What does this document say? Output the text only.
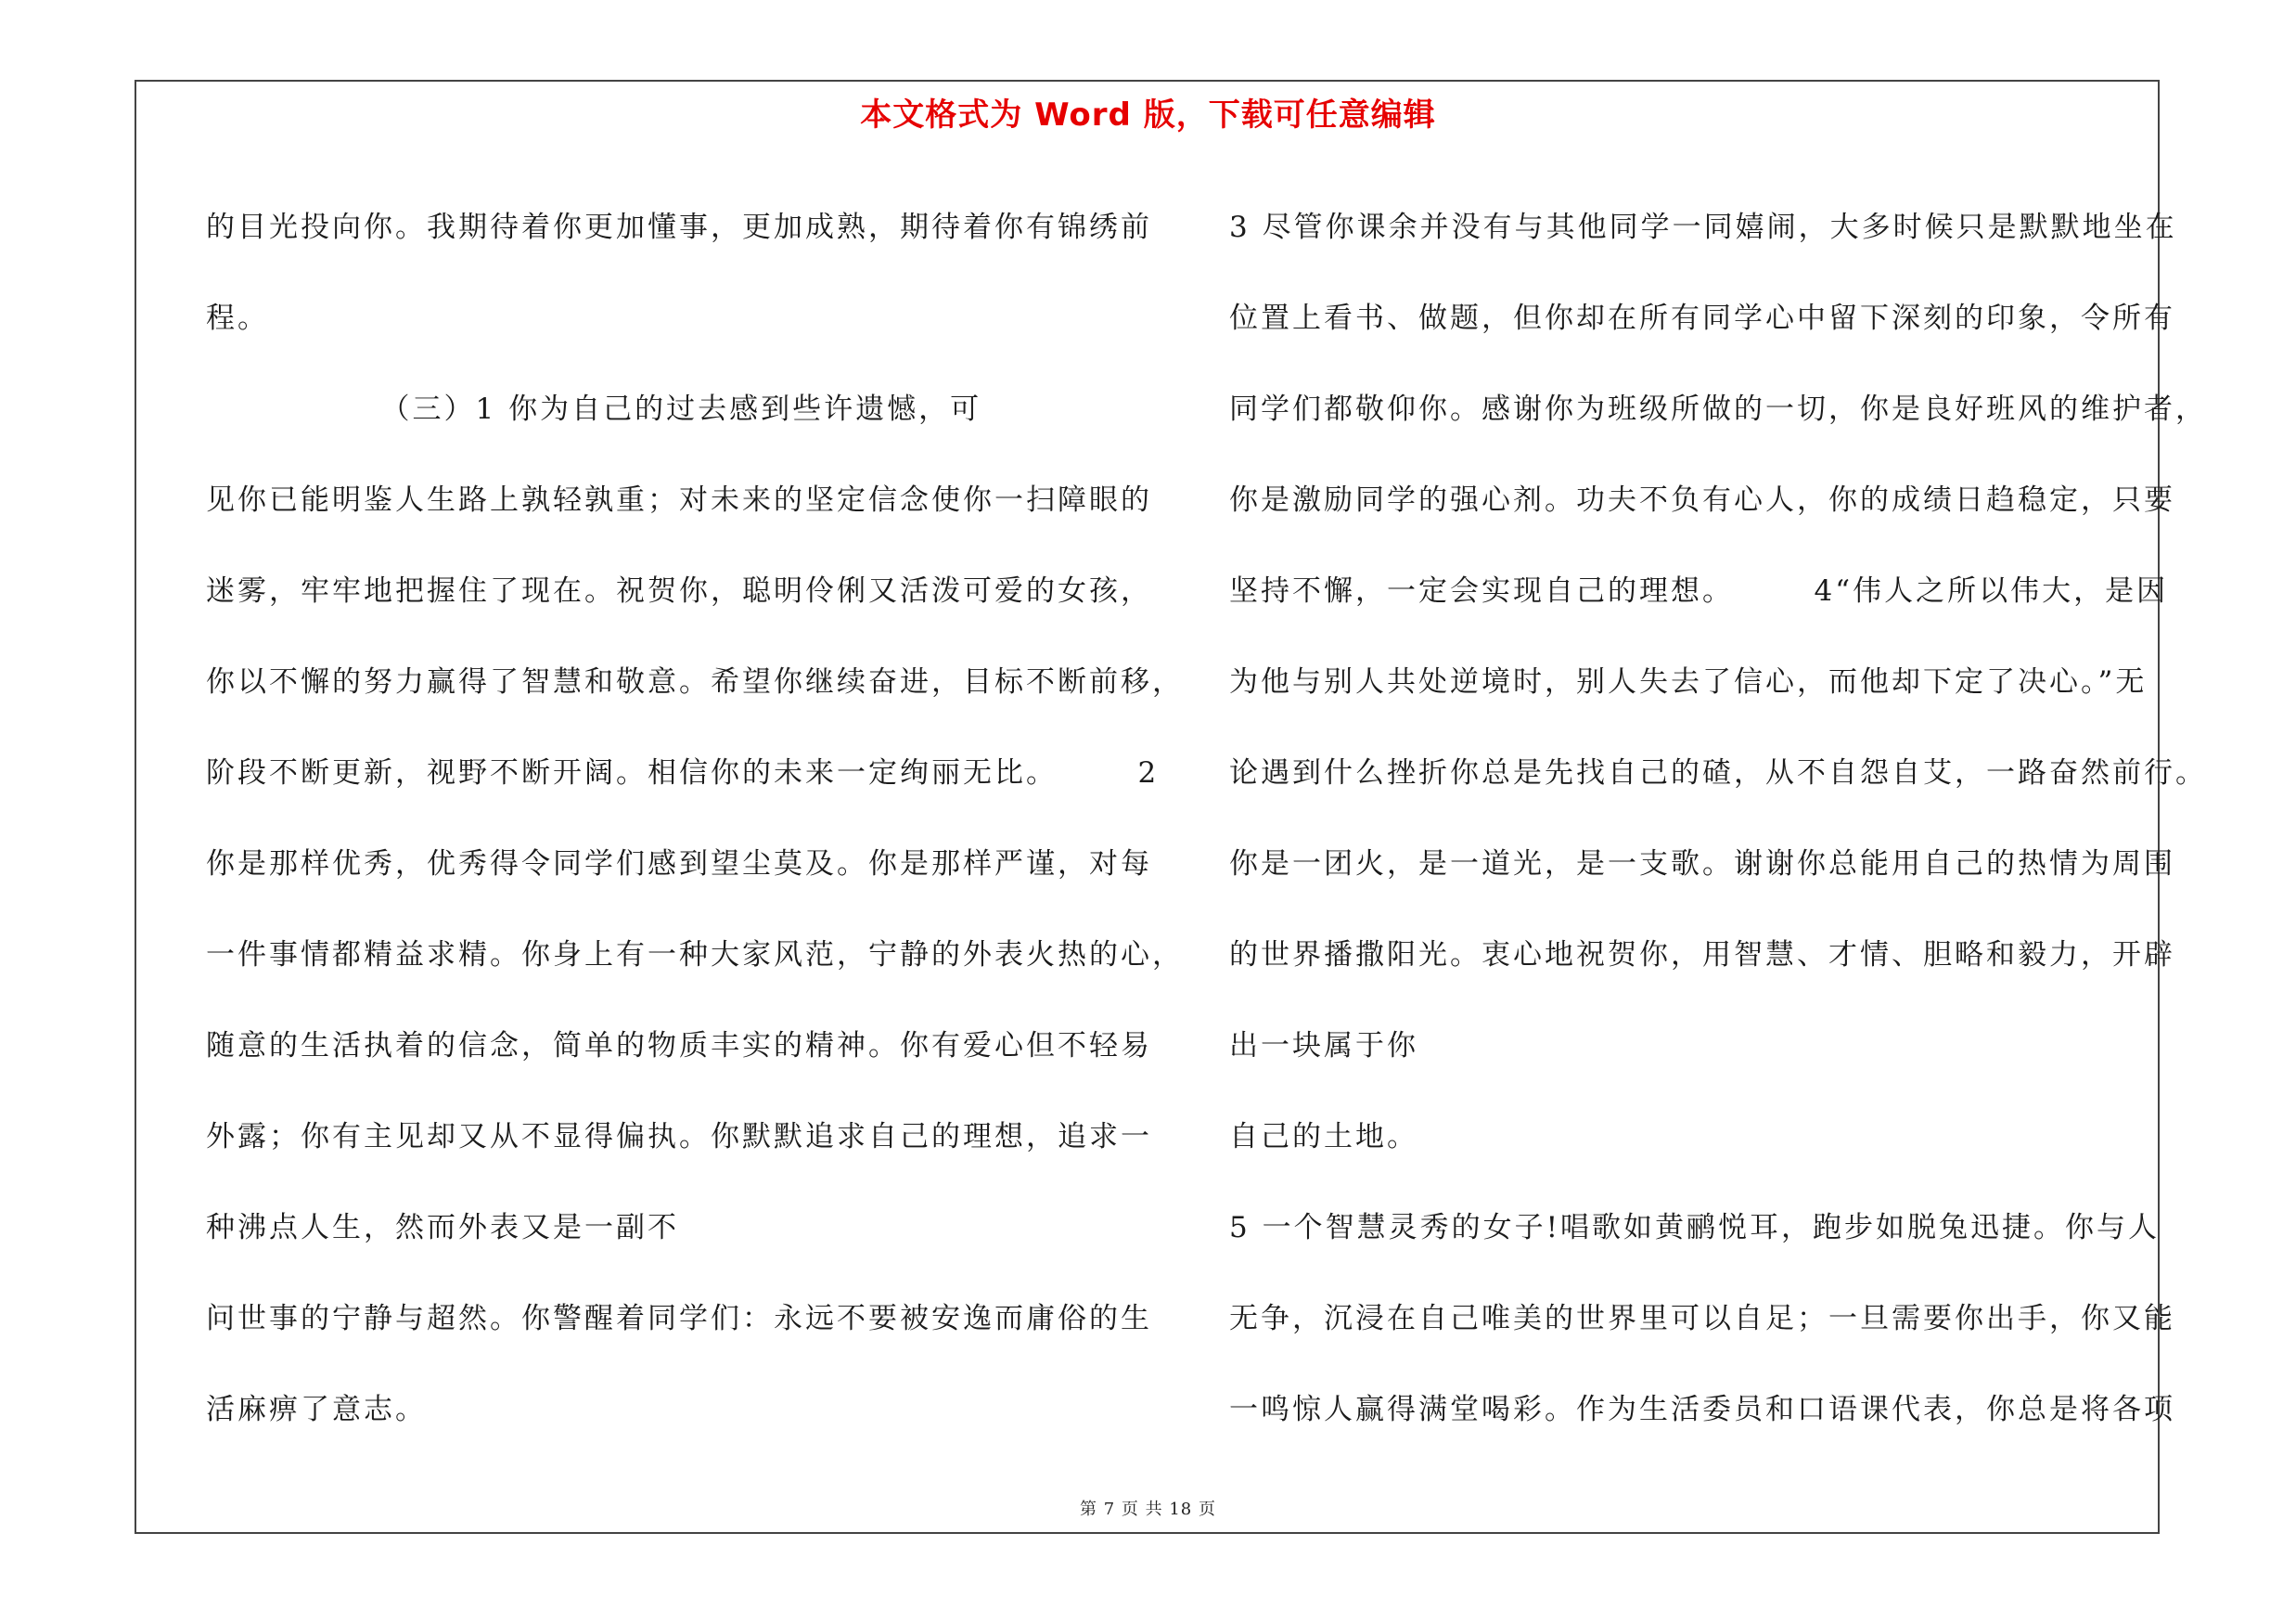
本文格式为 Word 版，下载可任意编辑
的目光投向你。我期待着你更加懂事，更加成熟，期待着你有锦绣前
程。
　　　　　　（三）1 你为自己的过去感到些许遗憾，可
见你已能明鉴人生路上孰轻孰重；对未来的坚定信念使你一扫障眼的
迷雾，牢牢地把握住了现在。祝贺你，聪明伶俐又活泼可爱的女孩，
你以不懈的努力赢得了智慧和敬意。希望你继续奋进，目标不断前移，
阶段不断更新，视野不断开阔。相信你的未来一定绚丽无比。　　　2
你是那样优秀，优秀得令同学们感到望尘莫及。你是那样严谨，对每
一件事情都精益求精。你身上有一种大家风范，宁静的外表火热的心，
随意的生活执着的信念，简单的物质丰实的精神。你有爱心但不轻易
外露；你有主见却又从不显得偏执。你默默追求自己的理想，追求一
种沸点人生，然而外表又是一副不
问世事的宁静与超然。你警醒着同学们：永远不要被安逸而庸俗的生
活麻痹了意志。
3 尽管你课余并没有与其他同学一同嬉闹，大多时候只是默默地坐在
位置上看书、做题，但你却在所有同学心中留下深刻的印象，令所有
同学们都敬仰你。感谢你为班级所做的一切，你是良好班风的维护者，
你是激励同学的强心剂。功夫不负有心人，你的成绩日趋稳定，只要
坚持不懈，一定会实现自己的理想。　　　4“伟人之所以伟大，是因
为他与别人共处逆境时，别人失去了信心，而他却下定了决心。”无
论遇到什么挫折你总是先找自己的碴，从不自怨自艾，一路奋然前行。
你是一团火，是一道光，是一支歌。谢谢你总能用自己的热情为周围
的世界播撒阳光。衷心地祝贺你，用智慧、才情、胆略和毅力，开辟
出一块属于你
自己的土地。
5 一个智慧灵秀的女子!唱歌如黄鹂悦耳，跑步如脱兔迅捷。你与人
无争，沉浸在自己唯美的世界里可以自足；一旦需要你出手，你又能
一鸣惊人赢得满堂喝彩。作为生活委员和口语课代表，你总是将各项
第 7 页 共 18 页
